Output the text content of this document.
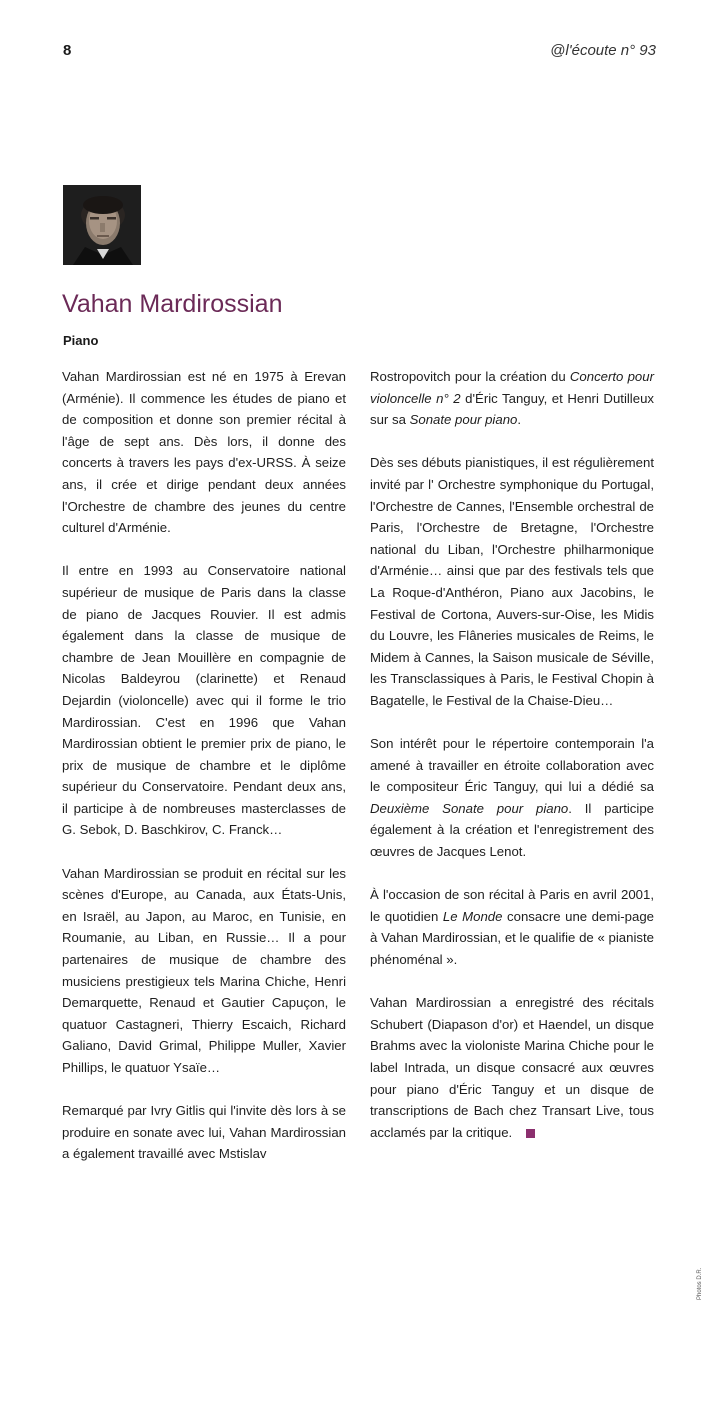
8	@l'écoute n° 93
Vahan Mardirossian
Piano

Vahan Mardirossian est né en 1975 à Erevan (Arménie). Il commence les études de piano et de composition et donne son premier récital à l'âge de sept ans. Dès lors, il donne des concerts à travers les pays d'ex-URSS. À seize ans, il crée et dirige pendant deux années l'Orchestre de chambre des jeunes du centre culturel d'Arménie.

Il entre en 1993 au Conservatoire national supérieur de musique de Paris dans la classe de piano de Jacques Rouvier. Il est admis également dans la classe de musique de chambre de Jean Mouillère en compagnie de Nicolas Baldeyrou (clarinette) et Renaud Dejardin (violoncelle) avec qui il forme le trio Mardirossian. C'est en 1996 que Vahan Mardirossian obtient le premier prix de piano, le prix de musique de chambre et le diplôme supérieur du Conservatoire. Pendant deux ans, il participe à de nombreuses masterclasses de G. Sebok, D. Baschkirov, C. Franck…

Vahan Mardirossian se produit en récital sur les scènes d'Europe, au Canada, aux États-Unis, en Israël, au Japon, au Maroc, en Tunisie, en Roumanie, au Liban, en Russie… Il a pour partenaires de musique de chambre des musiciens prestigieux tels Marina Chiche, Henri Demarquette, Renaud et Gautier Capuçon, le quatuor Castagneri, Thierry Escaich, Richard Galiano, David Grimal, Philippe Muller, Xavier Phillips, le quatuor Ysaïe…

Remarqué par Ivry Gitlis qui l'invite dès lors à se produire en sonate avec lui, Vahan Mardirossian a également travaillé avec Mstislav

Rostropovitch pour la création du Concerto pour violoncelle n° 2 d'Éric Tanguy, et Henri Dutilleux sur sa Sonate pour piano.

Dès ses débuts pianistiques, il est régulièrement invité par l' Orchestre symphonique du Portugal, l'Orchestre de Cannes, l'Ensemble orchestral de Paris, l'Orchestre de Bretagne, l'Orchestre national du Liban, l'Orchestre philharmonique d'Arménie… ainsi que par des festivals tels que La Roque-d'Anthéron, Piano aux Jacobins, le Festival de Cortona, Auvers-sur-Oise, les Midis du Louvre, les Flâneries musicales de Reims, le Midem à Cannes, la Saison musicale de Séville, les Transclassiques à Paris, le Festival Chopin à Bagatelle, le Festival de la Chaise-Dieu…

Son intérêt pour le répertoire contemporain l'a amené à travailler en étroite collaboration avec le compositeur Éric Tanguy, qui lui a dédié sa Deuxième Sonate pour piano. Il participe également à la création et l'enregistrement des œuvres de Jacques Lenot.

À l'occasion de son récital à Paris en avril 2001, le quotidien Le Monde consacre une demi-page à Vahan Mardirossian, et le qualifie de « pianiste phénoménal ».

Vahan Mardirossian a enregistré des récitals Schubert (Diapason d'or) et Haendel, un disque Brahms avec la violoniste Marina Chiche pour le label Intrada, un disque consacré aux œuvres pour piano d'Éric Tanguy et un disque de transcriptions de Bach chez Transart Live, tous acclamés par la critique.

Photos D.R.
